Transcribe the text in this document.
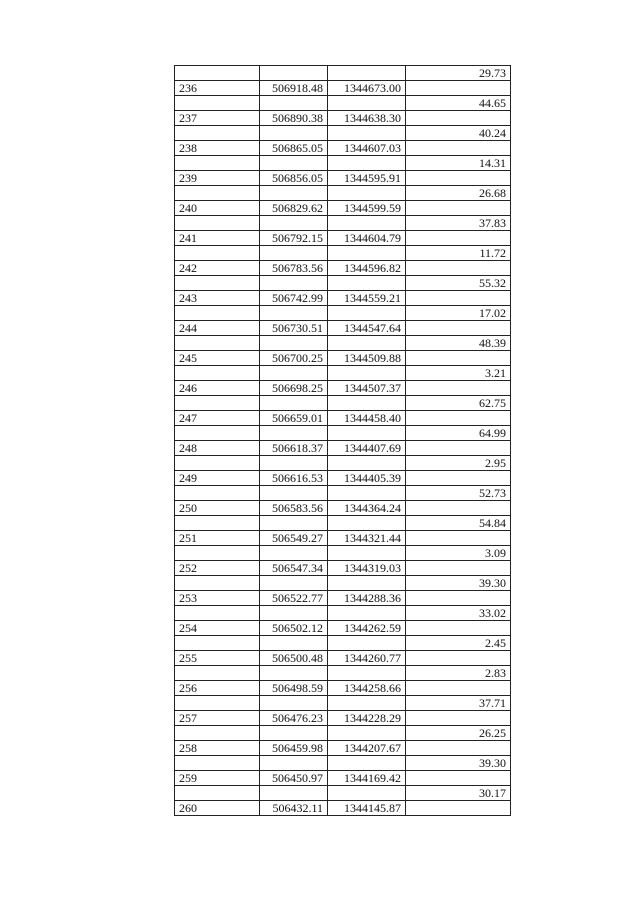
			29.73
236	506918.48	1344673.00	
			44.65
237	506890.38	1344638.30	
			40.24
238	506865.05	1344607.03	
			14.31
239	506856.05	1344595.91	
			26.68
240	506829.62	1344599.59	
			37.83
241	506792.15	1344604.79	
			11.72
242	506783.56	1344596.82	
			55.32
243	506742.99	1344559.21	
			17.02
244	506730.51	1344547.64	
			48.39
245	506700.25	1344509.88	
			3.21
246	506698.25	1344507.37	
			62.75
247	506659.01	1344458.40	
			64.99
248	506618.37	1344407.69	
			2.95
249	506616.53	1344405.39	
			52.73
250	506583.56	1344364.24	
			54.84
251	506549.27	1344321.44	
			3.09
252	506547.34	1344319.03	
			39.30
253	506522.77	1344288.36	
			33.02
254	506502.12	1344262.59	
			2.45
255	506500.48	1344260.77	
			2.83
256	506498.59	1344258.66	
			37.71
257	506476.23	1344228.29	
			26.25
258	506459.98	1344207.67	
			39.30
259	506450.97	1344169.42	
			30.17
260	506432.11	1344145.87	
